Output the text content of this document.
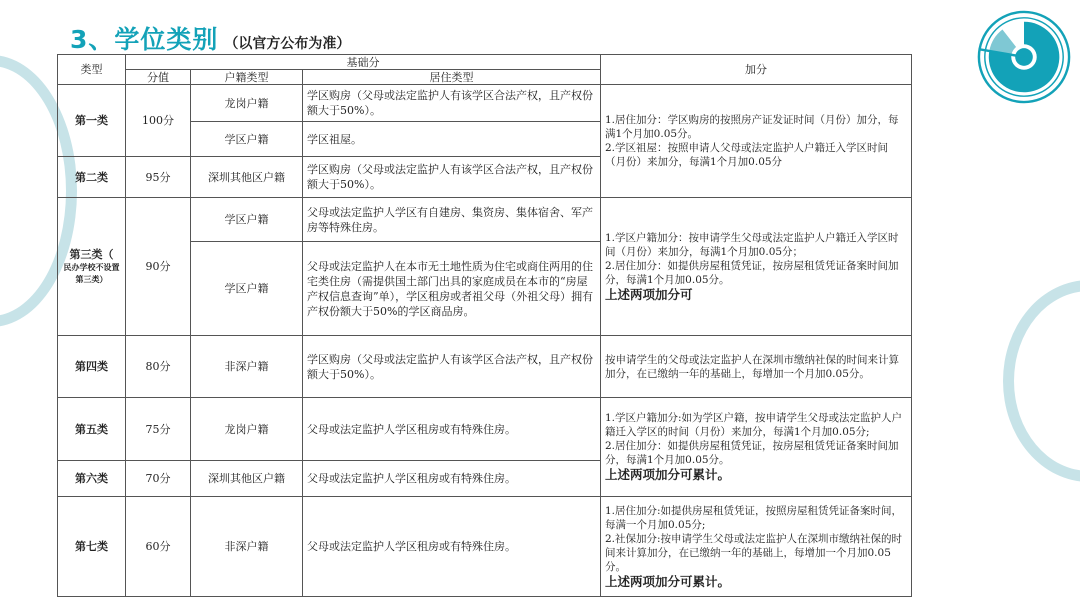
3、学位类别 （以官方公布为准）
类型	基础分			加分
	分值	户籍类型	居住类型	
第一类	100分	龙岗户籍	学区购房（父母或法定监护人有该学区合法产权，且产权份额大于50%）。	1.居住加分：学区购房的按照房产证发证时间（月份）加分，每满1个月加0.05分。
2.学区祖屋：按照申请人父母或法定监护人户籍迁入学区时间（月份）来加分，每满1个月加0.05分

		学区户籍	学区祖屋。	
第二类	95分	深圳其他区户籍	学区购房（父母或法定监护人有该学区合法产权，且产权份额大于50%）。	
第三类（
民办学校不设置第三类）	90分	学区户籍	父母或法定监护人学区有自建房、集资房、集体宿舍、军产房等特殊住房。	1.学区户籍加分：按申请学生父母或法定监护人户籍迁入学区时间（月份）来加分，每满1个月加0.05分；
2.居住加分：如提供房屋租赁凭证，按房屋租赁凭证备案时间加分，每满1个月加0.05分。
上述两项加分可

		学区户籍	父母或法定监护人在本市无土地性质为住宅或商住两用的住宅类住房（需提供国土部门出具的家庭成员在本市的“房屋产权信息查询”单），学区租房或者祖父母（外祖父母）拥有产权份额大于50%的学区商品房。	
第四类	80分	非深户籍	学区购房（父母或法定监护人有该学区合法产权，且产权份额大于50%）。	按申请学生的父母或法定监护人在深圳市缴纳社保的时间来计算加分，在已缴纳一年的基础上，每增加一个月加0.05分。

第五类	75分	龙岗户籍	父母或法定监护人学区租房或有特殊住房。	1.学区户籍加分:如为学区户籍，按申请学生父母或法定监护人户籍迁入学区的时间（月份）来加分，每满1个月加0.05分;
2.居住加分：如提供房屋租赁凭证，按房屋租赁凭证备案时间加分，每满1个月加0.05分。
上述两项加分可累计。

第六类	70分	深圳其他区户籍	父母或法定监护人学区租房或有特殊住房。	
第七类	60分	非深户籍	父母或法定监护人学区租房或有特殊住房。	1.居住加分:如提供房屋租赁凭证，按照房屋租赁凭证备案时间，每满一个月加0.05分;
2.社保加分:按申请学生父母或法定监护人在深圳市缴纳社保的时间来计算加分，在已缴纳一年的基础上，每增加一个月加0.05分。
上述两项加分可累计。
